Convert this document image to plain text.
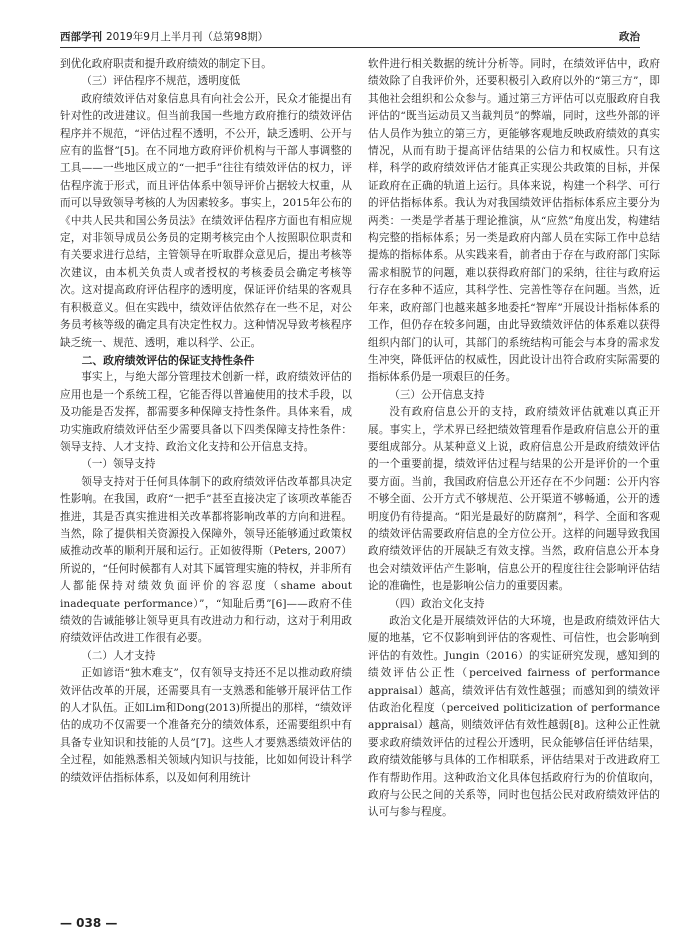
西部学刊 2019年9月上半月刊（总第98期）	政治

到优化政府职责和提升政府绩效的制定下目。

（三）评估程序不规范，透明度低

政府绩效评估对象信息具有向社会公开，民众才能提出有针对性的改进建议。但当前我国一些地方政府推行的绩效评估程序并不规范，“评估过程不透明，不公开，缺乏透明、公开与应有的监督”[5]。在不同地方政府评价机构与干部人事调整的工具——一些地区成立的“一把手”往往有绩效评估的权力，评估程序流于形式，而且评估体系中领导评价占据较大权重，从而可以导致领导考核的人为因素较多。事实上，2015年公布的《中共人民共和国公务员法》在绩效评估程序方面也有相应规定，对非领导成员公务员的定期考核完由个人按照职位职责和有关要求进行总结，主管领导在听取群众意见后，提出考核等次建议，由本机关负责人或者授权的考核委员会确定考核等次。这对提高政府评估程序的透明度，保证评价结果的客观具有积极意义。但在实践中，绩效评估依然存在一些不足，对公务员考核等级的确定具有决定性权力。这种情况导致考核程序缺乏统一、规范、透明，难以科学、公正。

二、政府绩效评估的保证支持性条件

事实上，与绝大部分管理技术创新一样，政府绩效评估的应用也是一个系统工程，它能否得以普遍使用的技术手段，以及功能是否发挥，都需要多种保障支持性条件。具体来看，成功实施政府绩效评估至少需要具备以下四类保障支持性条件：领导支持、人才支持、政治文化支持和公开信息支持。

（一）领导支持

领导支持对于任何具体制下的政府绩效评估改革都具决定性影响。在我国，政府“一把手”甚至直接决定了该项改革能否推进，其是否真实推进相关改革都将影响改革的方向和进程。当然，除了提供相关资源投入保障外，领导还能够通过政策权威推动改革的顺利开展和运行。正如彼得斯（Peters, 2007）所说的，“任何时候都有人对其下属管理实施的特权，并非所有人都能保持对绩效负面评价的容忍度（shame about inadequate performance）”，“知耻后勇”[6]——政府不佳绩效的告诫能够让领导更具有改进动力和行动，这对于利用政府绩效评估改进工作很有必要。

（二）人才支持

正如谚语“独木难支”，仅有领导支持还不足以推动政府绩效评估改革的开展，还需要具有一支熟悉和能够开展评估工作的人才队伍。正如Lim和Dong(2013)所提出的那样，“绩效评估的成功不仅需要一个准备充分的绩效体系，还需要组织中有具备专业知识和技能的人员”[7]。这些人才要熟悉绩效评估的全过程，如能熟悉相关领域内知识与技能，比如如何设计科学的绩效评估指标体系，以及如何利用统计

软件进行相关数据的统计分析等。同时，在绩效评估中，政府绩效除了自我评价外，还要积极引入政府以外的“第三方”，即其他社会组织和公众参与。通过第三方评估可以克服政府自我评估的“既当运动员又当裁判员”的弊端，同时，这些外部的评估人员作为独立的第三方，更能够客观地反映政府绩效的真实情况，从而有助于提高评估结果的公信力和权威性。只有这样，科学的政府绩效评估才能真正实现公共政策的目标，并保证政府在正确的轨道上运行。具体来说，构建一个科学、可行的评估指标体系。我认为对我国绩效评估指标体系应主要分为两类：一类是学者基于理论推演，从“应然”角度出发，构建结构完整的指标体系；另一类是政府内部人员在实际工作中总结提炼的指标体系。从实践来看，前者由于存在与政府部门实际需求相脱节的问题，难以获得政府部门的采纳，往往与政府运行存在多种不适应，其科学性、完善性等存在问题。当然，近年来，政府部门也越来越多地委托“智库”开展设计指标体系的工作，但仍存在较多问题，由此导致绩效评估的体系难以获得组织内部门的认可，其部门的系统结构可能会与本身的需求发生冲突，降低评估的权威性，因此设计出符合政府实际需要的指标体系仍是一项艰巨的任务。

（三）公开信息支持

没有政府信息公开的支持，政府绩效评估就难以真正开展。事实上，学术界已经把绩效管理看作是政府信息公开的重要组成部分。从某种意义上说，政府信息公开是政府绩效评估的一个重要前提，绩效评估过程与结果的公开是评价的一个重要方面。当前，我国政府信息公开还存在不少问题：公开内容不够全面、公开方式不够规范、公开渠道不够畅通，公开的透明度仍有待提高。“阳光是最好的防腐剂”，科学、全面和客观的绩效评估需要政府信息的全方位公开。这样的问题导致我国政府绩效评估的开展缺乏有效支撑。当然，政府信息公开本身也会对绩效评估产生影响，信息公开的程度往往会影响评估结论的准确性，也是影响公信力的重要因素。

（四）政治文化支持

政治文化是开展绩效评估的大环境，也是政府绩效评估大厦的地基，它不仅影响到评估的客观性、可信性，也会影响到评估的有效性。Jungin（2016）的实证研究发现，感知到的绩效评估公正性（perceived fairness of performance appraisal）越高，绩效评估有效性越强；而感知到的绩效评估政治化程度（perceived politicization of performance appraisal）越高，则绩效评估有效性越弱[8]。这种公正性就要求政府绩效评估的过程公开透明，民众能够信任评估结果，政府绩效能够与具体的工作相联系，评估结果对于改进政府工作有帮助作用。这种政治文化具体包括政府行为的价值取向，政府与公民之间的关系等，同时也包括公民对政府绩效评估的认可与参与程度。

— 038 —
